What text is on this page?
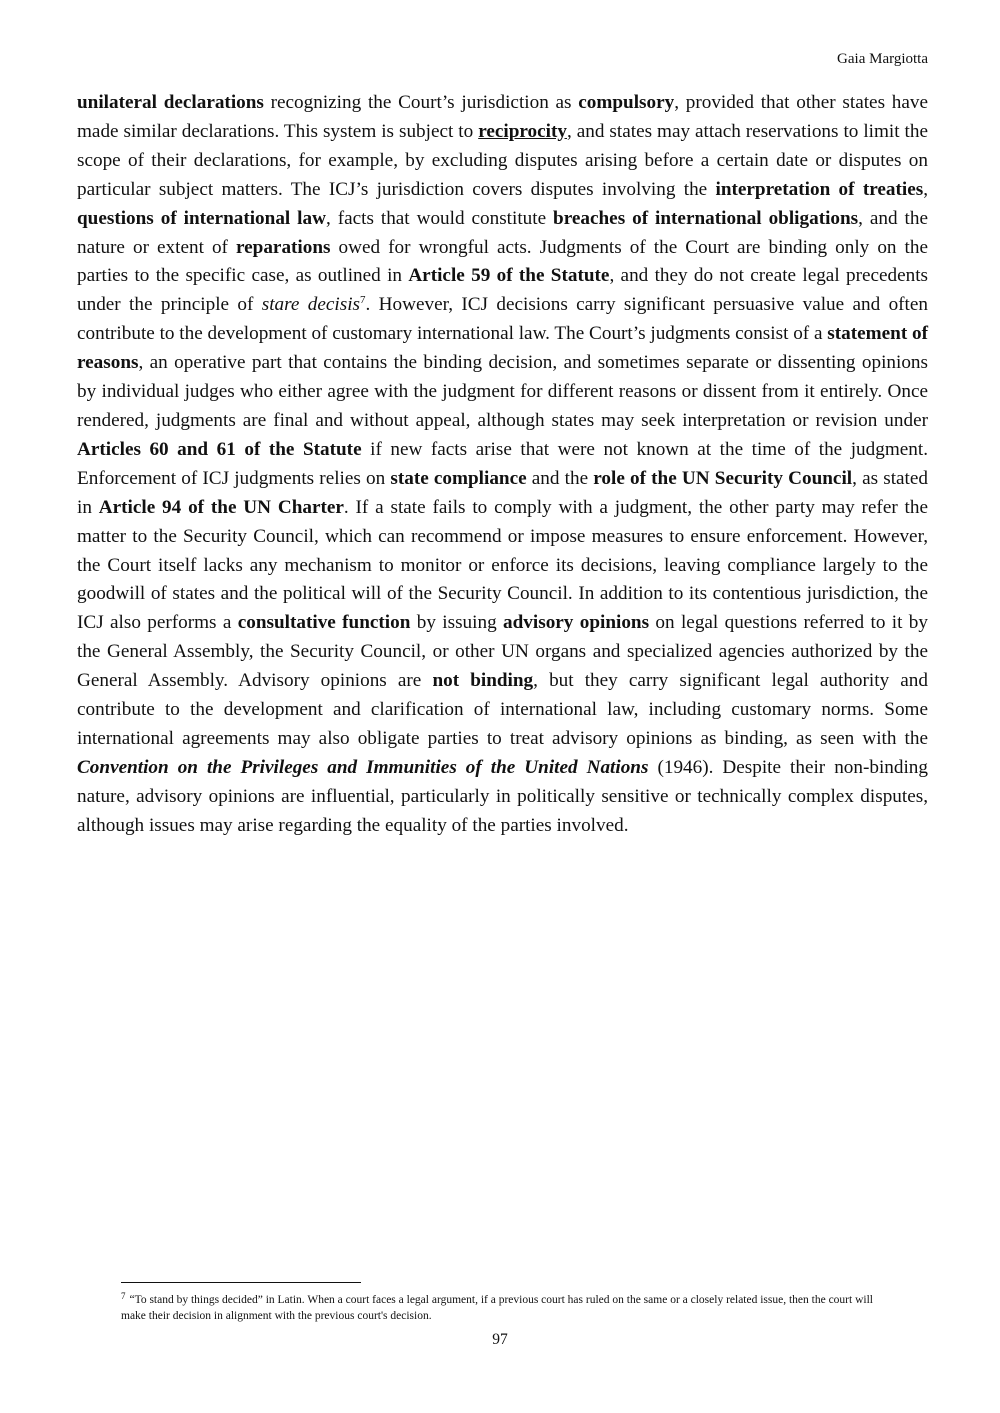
Gaia Margiotta
unilateral declarations recognizing the Court’s jurisdiction as compulsory, provided that other states have made similar declarations. This system is subject to reciprocity, and states may attach reservations to limit the scope of their declarations, for example, by excluding disputes arising before a certain date or disputes on particular subject matters. The ICJ’s jurisdiction covers disputes involving the interpretation of treaties, questions of international law, facts that would constitute breaches of international obligations, and the nature or extent of reparations owed for wrongful acts. Judgments of the Court are binding only on the parties to the specific case, as outlined in Article 59 of the Statute, and they do not create legal precedents under the principle of stare decisis$^7$. However, ICJ decisions carry significant persuasive value and often contribute to the development of customary international law. The Court’s judgments consist of a statement of reasons, an operative part that contains the binding decision, and sometimes separate or dissenting opinions by individual judges who either agree with the judgment for different reasons or dissent from it entirely. Once rendered, judgments are final and without appeal, although states may seek interpretation or revision under Articles 60 and 61 of the Statute if new facts arise that were not known at the time of the judgment. Enforcement of ICJ judgments relies on state compliance and the role of the UN Security Council, as stated in Article 94 of the UN Charter. If a state fails to comply with a judgment, the other party may refer the matter to the Security Council, which can recommend or impose measures to ensure enforcement. However, the Court itself lacks any mechanism to monitor or enforce its decisions, leaving compliance largely to the goodwill of states and the political will of the Security Council. In addition to its contentious jurisdiction, the ICJ also performs a consultative function by issuing advisory opinions on legal questions referred to it by the General Assembly, the Security Council, or other UN organs and specialized agencies authorized by the General Assembly. Advisory opinions are not binding, but they carry significant legal authority and contribute to the development and clarification of international law, including customary norms. Some international agreements may also obligate parties to treat advisory opinions as binding, as seen with the Convention on the Privileges and Immunities of the United Nations (1946). Despite their non-binding nature, advisory opinions are influential, particularly in politically sensitive or technically complex disputes, although issues may arise regarding the equality of the parties involved.
$^7$ “To stand by things decided” in Latin. When a court faces a legal argument, if a previous court has ruled on the same or a closely related issue, then the court will make their decision in alignment with the previous court's decision.
97
